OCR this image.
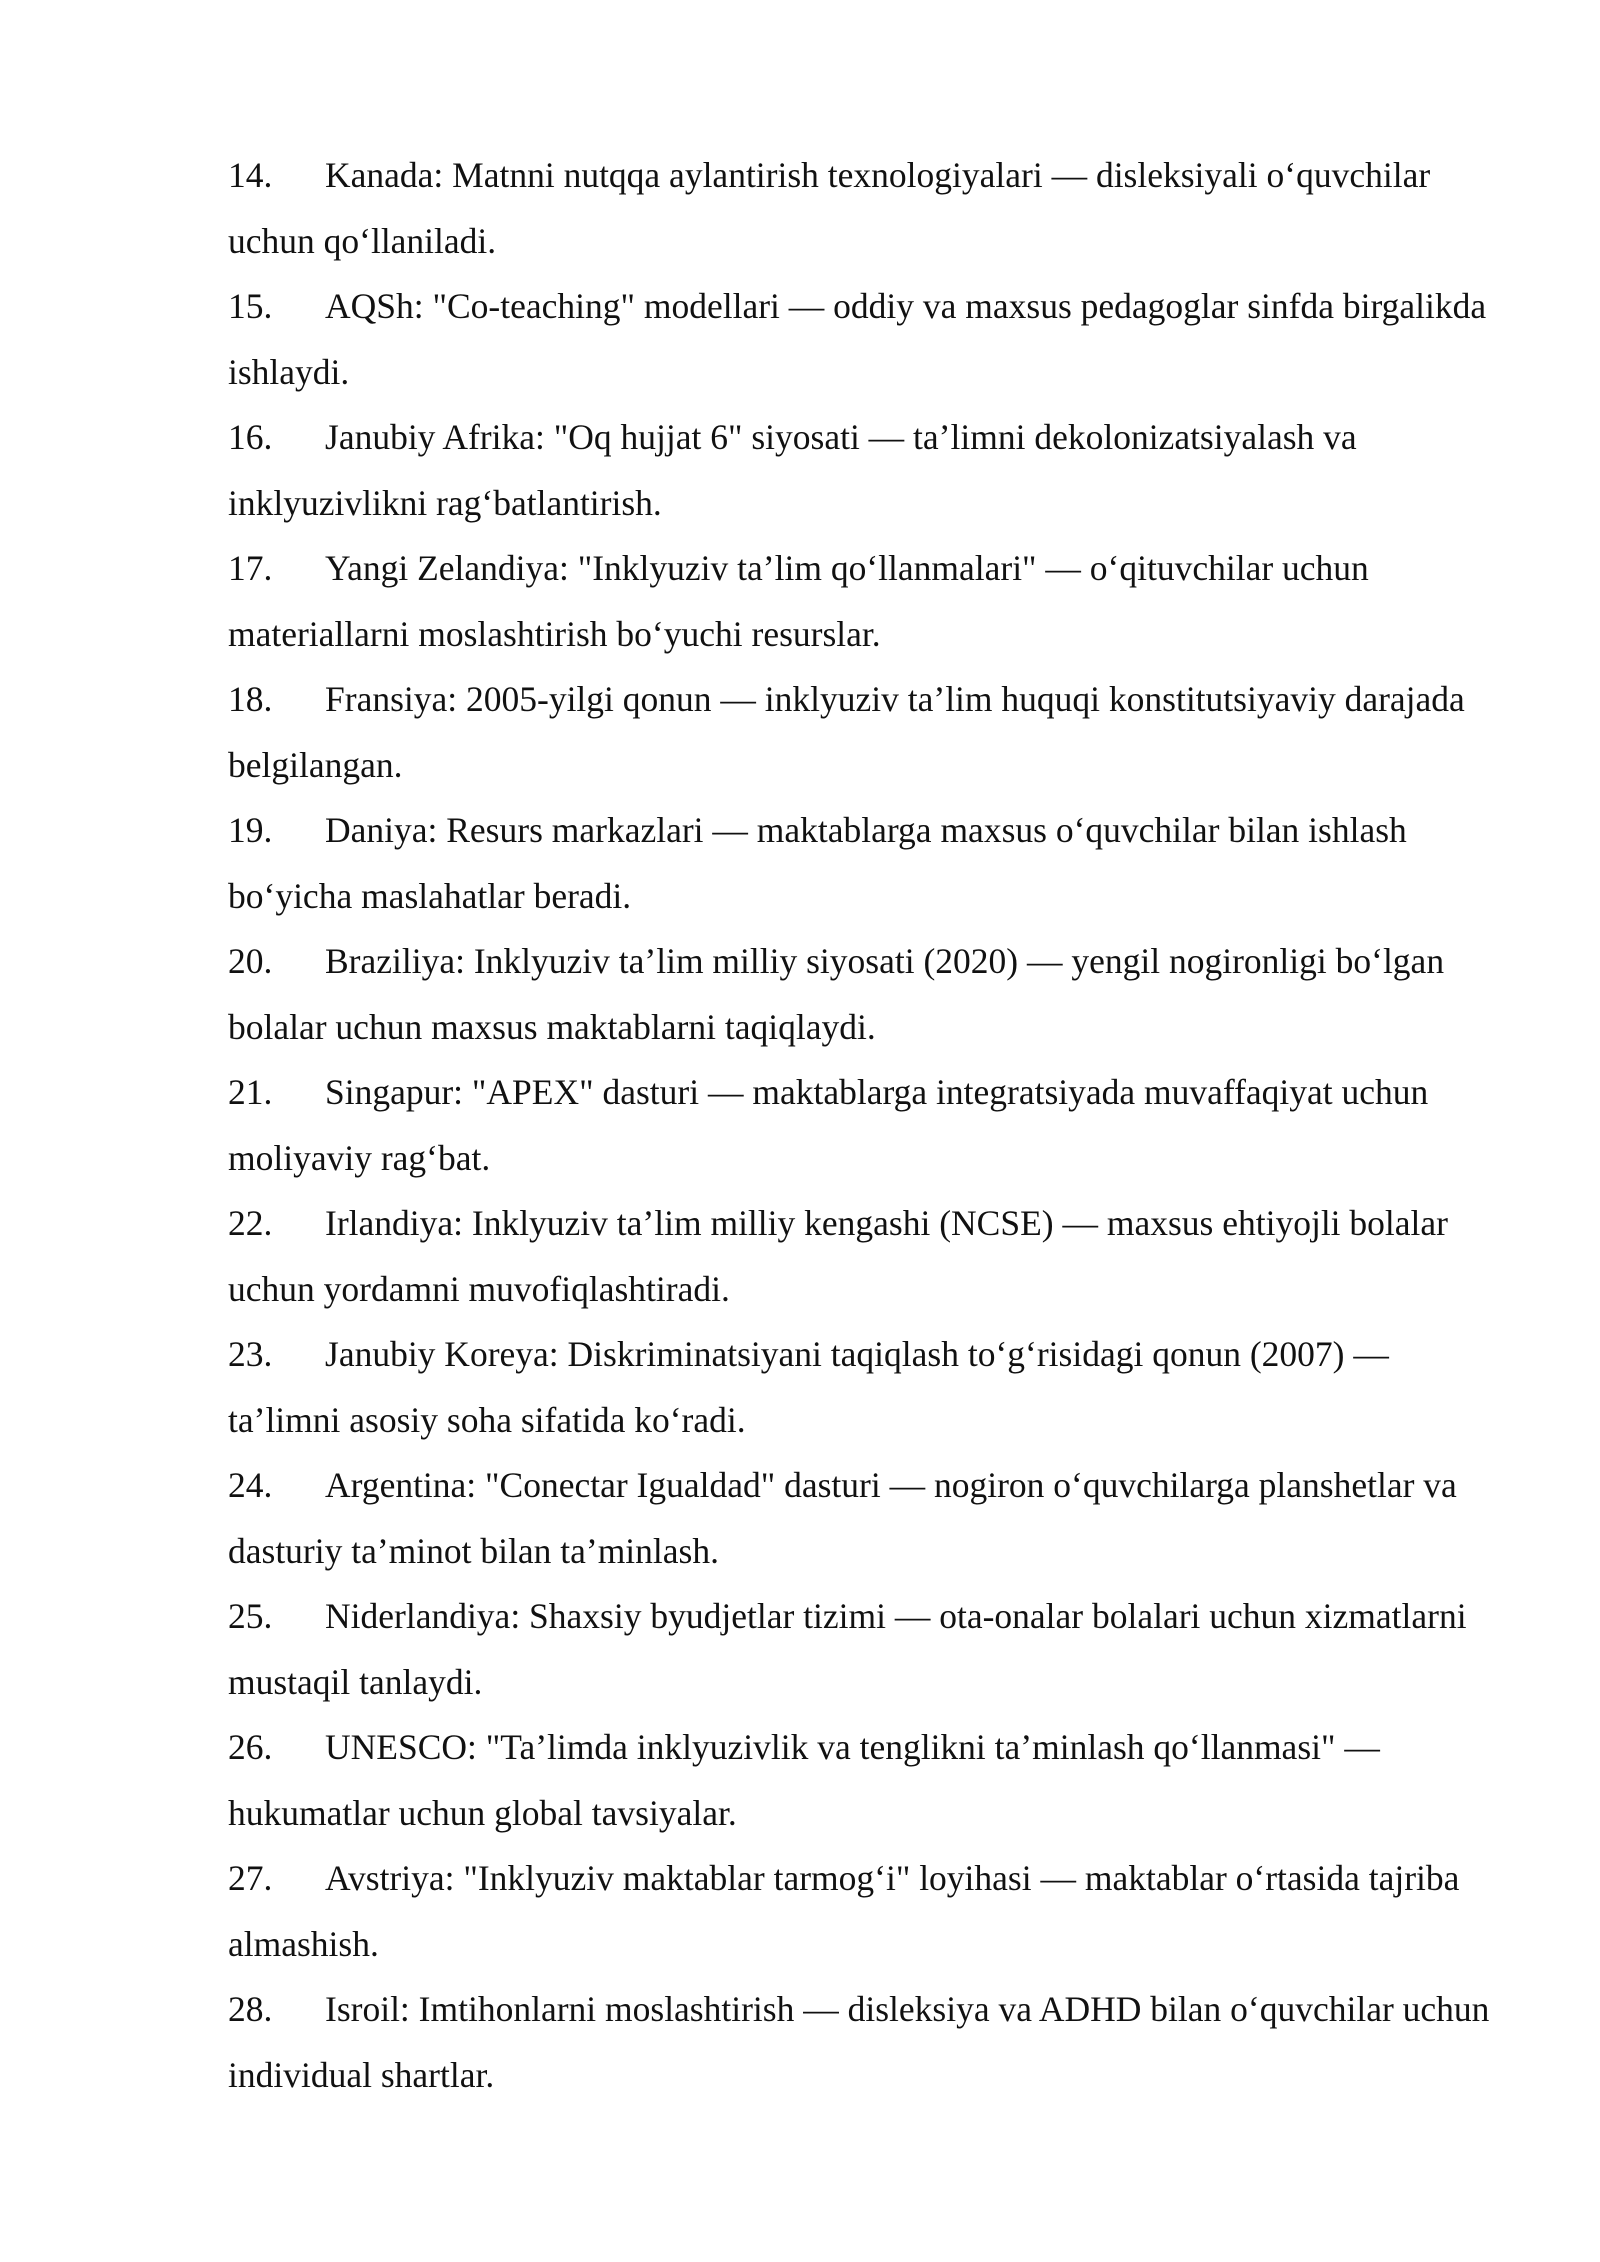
14. Kanada: Matnni nutqqa aylantirish texnologiyalari — disleksiyali o‘quvchilar uchun qo‘llaniladi.
15. AQSh: "Co-teaching" modellari — oddiy va maxsus pedagoglar sinfda birgalikda ishlaydi.
16. Janubiy Afrika: "Oq hujjat 6" siyosati — ta’limni dekolonizatsiyalash va inklyuzivlikni rag‘batlantirish.
17. Yangi Zelandiya: "Inklyuziv ta’lim qo‘llanmalari" — o‘qituvchilar uchun materiallarni moslashtirish bo‘yuchi resurslar.
18. Fransiya: 2005-yilgi qonun — inklyuziv ta’lim huquqi konstitutsiyaviy darajada belgilangan.
19. Daniya: Resurs markazlari — maktablarga maxsus o‘quvchilar bilan ishlash bo‘yicha maslahatlar beradi.
20. Braziliya: Inklyuziv ta’lim milliy siyosati (2020) — yengil nogironligi bo‘lgan bolalar uchun maxsus maktablarni taqiqlaydi.
21. Singapur: "APEX" dasturi — maktablarga integratsiyada muvaffaqiyat uchun moliyaviy rag‘bat.
22. Irlandiya: Inklyuziv ta’lim milliy kengashi (NCSE) — maxsus ehtiyojli bolalar uchun yordamni muvofiqlashtiradi.
23. Janubiy Koreya: Diskriminatsiyani taqiqlash to‘g‘risidagi qonun (2007) — ta’limni asosiy soha sifatida ko‘radi.
24. Argentina: "Conectar Igualdad" dasturi — nogiron o‘quvchilarga planshetlar va dasturiy ta’minot bilan ta’minlash.
25. Niderlandiya: Shaxsiy byudjetlar tizimi — ota-onalar bolalari uchun xizmatlarni mustaqil tanlaydi.
26. UNESCO: "Ta’limda inklyuzivlik va tenglikni ta’minlash qo‘llanmasi" — hukumatlar uchun global tavsiyalar.
27. Avstriya: "Inklyuziv maktablar tarmog‘i" loyihasi — maktablar o‘rtasida tajriba almashish.
28. Isroil: Imtihonlarni moslashtirish — disleksiya va ADHD bilan o‘quvchilar uchun individual shartlar.
